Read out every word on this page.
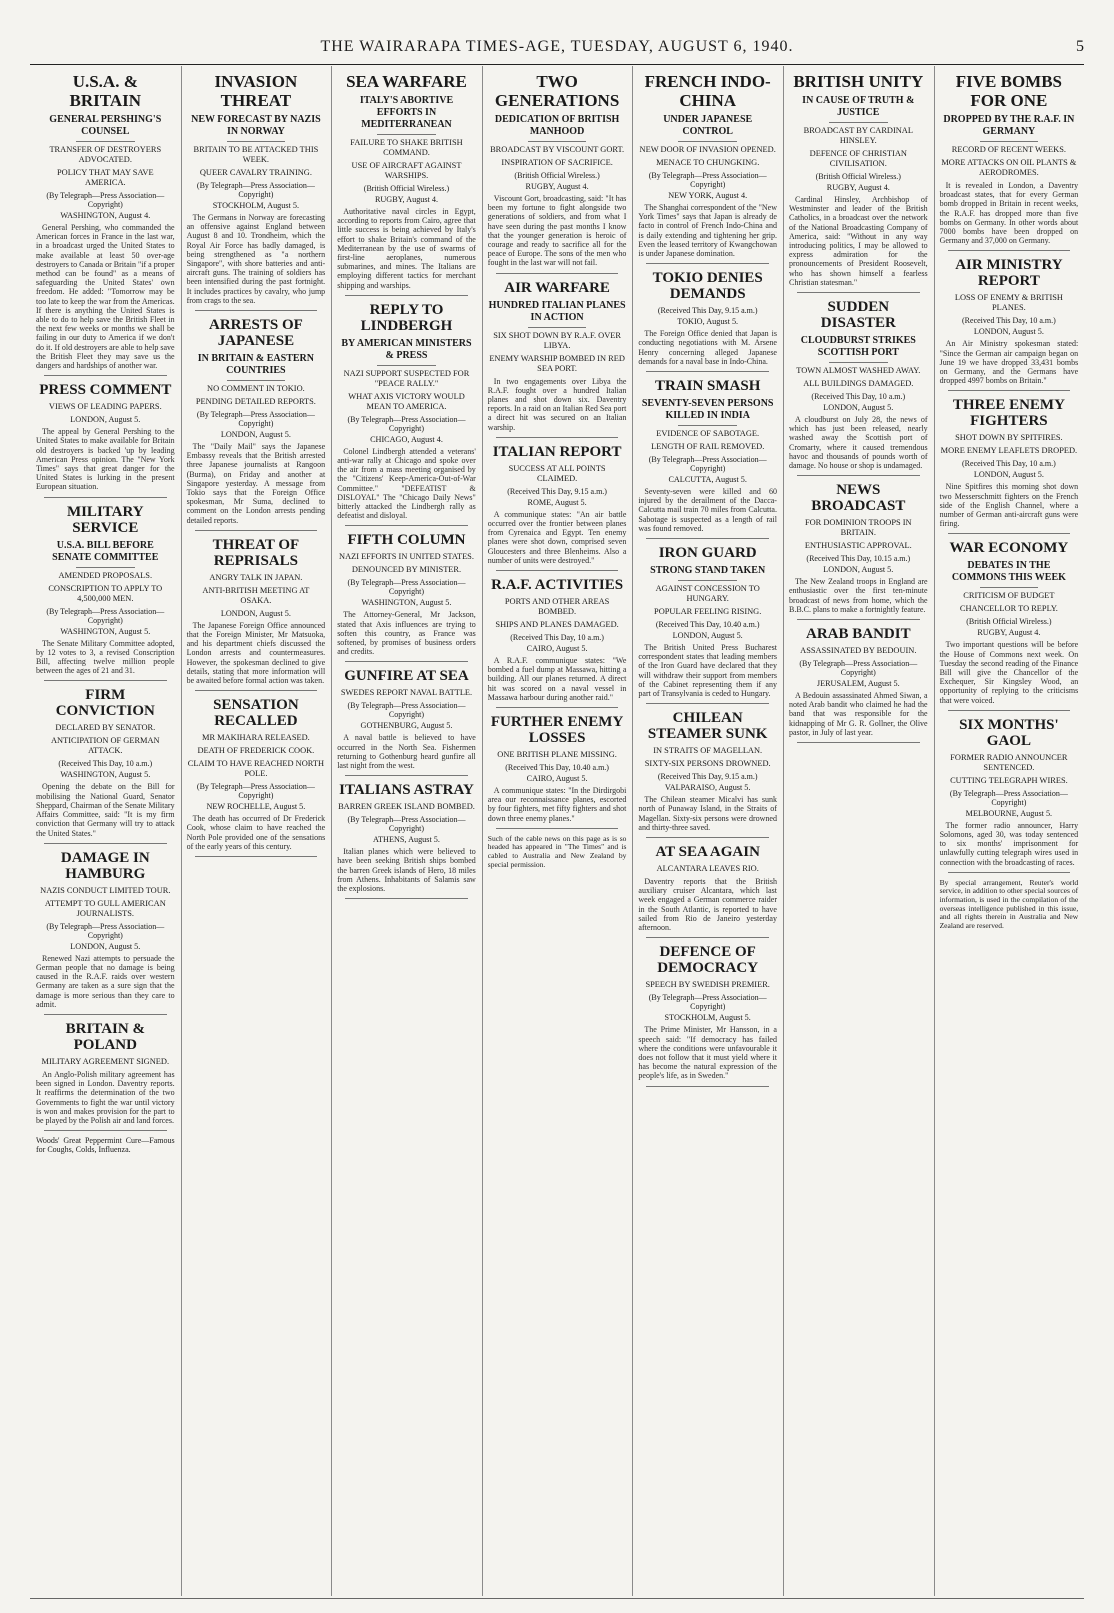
THE WAIRARAPA TIMES-AGE, TUESDAY, AUGUST 6, 1940.	5
U.S.A. & BRITAIN
GENERAL PERSHING'S COUNSEL
TRANSFER OF DESTROYERS ADVOCATED.
POLICY THAT MAY SAVE AMERICA.
(By Telegraph—Press Association—Copyright)
WASHINGTON, August 4.

General Pershing, who commanded the American forces in France in the last war, in a broadcast urged the United States to make available at least 50 over-age destroyers to Canada or Britain "if a proper method can be found" as a means of safeguarding the United States' own freedom. He added: "Tomorrow may be too late to keep the war from the Americas. If there is anything the United States is able to do to help save the British Fleet in the next few weeks or months we shall be failing in our duty to America if we don't do it. If old destroyers are able to help save the British Fleet they may save us the dangers and hardships of another war.

PRESS COMMENT
VIEWS OF LEADING PAPERS.
LONDON, August 5.

The appeal by General Pershing to the United States to make available for Britain old destroyers is backed 'up by leading American Press opinion. The "New York Times" says that great danger for the United States is lurking in the present European situation.

MILITARY SERVICE
U.S.A. BILL BEFORE SENATE COMMITTEE
AMENDED PROPOSALS.
CONSCRIPTION TO APPLY TO 4,500,000 MEN.
(By Telegraph—Press Association—Copyright)
WASHINGTON, August 5.

The Senate Military Committee adopted, by 12 votes to 3, a revised Conscription Bill, affecting twelve million people between the ages of 21 and 31.

FIRM CONVICTION
DECLARED BY SENATOR.
ANTICIPATION OF GERMAN ATTACK.
(Received This Day, 10 a.m.)
WASHINGTON, August 5.

Opening the debate on the Bill for mobilising the National Guard, Senator Sheppard, Chairman of the Senate Military Affairs Committee, said: "It is my firm conviction that Germany will try to attack the United States."

DAMAGE IN HAMBURG
NAZIS CONDUCT LIMITED TOUR.
ATTEMPT TO GULL AMERICAN JOURNALISTS.
(By Telegraph—Press Association—Copyright)
LONDON, August 5.

Renewed Nazi attempts to persuade the German people that no damage is being caused in the R.A.F. raids over western Germany are taken as a sure sign that the damage is more serious than they care to admit.

BRITAIN & POLAND
MILITARY AGREEMENT SIGNED.

An Anglo-Polish military agreement has been signed in London. Daventry reports. It reaffirms the determination of the two Governments to fight the war until victory is won and makes provision for the part to be played by the Polish air and land forces.

Woods' Great Peppermint Cure—Famous for Coughs, Colds, Influenza.
INVASION THREAT
NEW FORECAST BY NAZIS IN NORWAY
BRITAIN TO BE ATTACKED THIS WEEK.
QUEER CAVALRY TRAINING.
(By Telegraph—Press Association—Copyright)
STOCKHOLM, August 5.

The Germans in Norway are forecasting an offensive against England between August 8 and 10. Trondheim, which the Royal Air Force has badly damaged, is being strengthened as "a northern Singapore", with shore batteries and anti-aircraft guns. The training of soldiers has been intensified during the past fortnight. It includes practices by cavalry, who jump from crags to the sea.

ARRESTS OF JAPANESE
IN BRITAIN & EASTERN COUNTRIES
NO COMMENT IN TOKIO.
PENDING DETAILED REPORTS.
(By Telegraph—Press Association—Copyright)
LONDON, August 5.

The "Daily Mail" says the Japanese Embassy reveals that the British arrested three Japanese journalists at Rangoon (Burma), on Friday and another at Singapore yesterday. A message from Tokio says that the Foreign Office spokesman, Mr Suma, declined to comment on the London arrests pending detailed reports.

THREAT OF REPRISALS
ANGRY TALK IN JAPAN.
ANTI-BRITISH MEETING AT OSAKA.
LONDON, August 5.

The Japanese Foreign Office announced that the Foreign Minister, Mr Matsuoka, and his department chiefs discussed the London arrests and countermeasures. However, the spokesman declined to give details, stating that more information will be awaited before formal action was taken.

SENSATION RECALLED
MR MAKIHARA RELEASED.
DEATH OF FREDERICK COOK.
CLAIM TO HAVE REACHED NORTH POLE.
(By Telegraph—Press Association—Copyright)
NEW ROCHELLE, August 5.

The death has occurred of Dr Frederick Cook, whose claim to have reached the North Pole provided one of the sensations of the early years of this century.

SEA WARFARE
ITALY'S ABORTIVE EFFORTS IN MEDITERRANEAN
FAILURE TO SHAKE BRITISH COMMAND.
USE OF AIRCRAFT AGAINST WARSHIPS.
(British Official Wireless.)
RUGBY, August 4.

Authoritative naval circles in Egypt, according to reports from Cairo, agree that little success is being achieved by Italy's effort to shake Britain's command of the Mediterranean by the use of swarms of first-line aeroplanes, numerous submarines, and mines. The Italians are employing different tactics for merchant shipping and warships.

REPLY TO LINDBERGH
BY AMERICAN MINISTERS & PRESS
NAZI SUPPORT SUSPECTED FOR "PEACE RALLY."
WHAT AXIS VICTORY WOULD MEAN TO AMERICA.
(By Telegraph—Press Association—Copyright)
CHICAGO, August 4.

Colonel Lindbergh attended a veterans' anti-war rally at Chicago and spoke over the air from a mass meeting organised by the "Citizens' Keep-America-Out-of-War Committee." "DEFEATIST & DISLOYAL" The "Chicago Daily News" bitterly attacked the Lindbergh rally as defeatist and disloyal.

FIFTH COLUMN
NAZI EFFORTS IN UNITED STATES.
DENOUNCED BY MINISTER.
(By Telegraph—Press Association—Copyright)
WASHINGTON, August 5.

The Attorney-General, Mr Jackson, stated that Axis influences are trying to soften this country, as France was softened, by promises of business orders and credits.

GUNFIRE AT SEA
SWEDES REPORT NAVAL BATTLE.
(By Telegraph—Press Association—Copyright)
GOTHENBURG, August 5.

A naval battle is believed to have occurred in the North Sea. Fishermen returning to Gothenburg heard gunfire all last night from the west.

ITALIANS ASTRAY
BARREN GREEK ISLAND BOMBED.
(By Telegraph—Press Association—Copyright)
ATHENS, August 5.

Italian planes which were believed to have been seeking British ships bombed the barren Greek islands of Hero, 18 miles from Athens. Inhabitants of Salamis saw the explosions.

TWO GENERATIONS
DEDICATION OF BRITISH MANHOOD
BROADCAST BY VISCOUNT GORT.
INSPIRATION OF SACRIFICE.
(British Official Wireless.)
RUGBY, August 4.

Viscount Gort, broadcasting, said: "It has been my fortune to fight alongside two generations of soldiers, and from what I have seen during the past months I know that the younger generation is heroic of courage and ready to sacrifice all for the peace of Europe. The sons of the men who fought in the last war will not fail.

AIR WARFARE
HUNDRED ITALIAN PLANES IN ACTION
SIX SHOT DOWN BY R.A.F. OVER LIBYA.
ENEMY WARSHIP BOMBED IN RED SEA PORT.

In two engagements over Libya the R.A.F. fought over a hundred Italian planes and shot down six. Daventry reports. In a raid on an Italian Red Sea port a direct hit was secured on an Italian warship.

ITALIAN REPORT
SUCCESS AT ALL POINTS CLAIMED.
(Received This Day, 9.15 a.m.)
ROME, August 5.

A communique states: "An air battle occurred over the frontier between planes from Cyrenaica and Egypt. Ten enemy planes were shot down, comprised seven Gloucesters and three Blenheims. Also a number of units were destroyed."

R.A.F. ACTIVITIES
PORTS AND OTHER AREAS BOMBED.
SHIPS AND PLANES DAMAGED.
(Received This Day, 10 a.m.)
CAIRO, August 5.

A R.A.F. communique states: "We bombed a fuel dump at Massawa, hitting a building. All our planes returned. A direct hit was scored on a naval vessel in Massawa harbour during another raid."

FURTHER ENEMY LOSSES
ONE BRITISH PLANE MISSING.
(Received This Day, 10.40 a.m.)
CAIRO, August 5.

A communique states: "In the Dirdirgobi area our reconnaissance planes, escorted by four fighters, met fifty fighters and shot down three enemy planes."

Such of the cable news on this page as is so headed has appeared in "The Times" and is cabled to Australia and New Zealand by special permission.
FRENCH INDO-CHINA
UNDER JAPANESE CONTROL
NEW DOOR OF INVASION OPENED.
MENACE TO CHUNGKING.
(By Telegraph—Press Association—Copyright)
NEW YORK, August 4.

The Shanghai correspondent of the "New York Times" says that Japan is already de facto in control of French Indo-China and is daily extending and tightening her grip. Even the leased territory of Kwangchowan is under Japanese domination.

TOKIO DENIES DEMANDS
(Received This Day, 9.15 a.m.)
TOKIO, August 5.

The Foreign Office denied that Japan is conducting negotiations with M. Arsene Henry concerning alleged Japanese demands for a naval base in Indo-China.

TRAIN SMASH
SEVENTY-SEVEN PERSONS KILLED IN INDIA
EVIDENCE OF SABOTAGE.
LENGTH OF RAIL REMOVED.
(By Telegraph—Press Association—Copyright)
CALCUTTA, August 5.

Seventy-seven were killed and 60 injured by the derailment of the Dacca-Calcutta mail train 70 miles from Calcutta. Sabotage is suspected as a length of rail was found removed.

IRON GUARD
STRONG STAND TAKEN
AGAINST CONCESSION TO HUNGARY.
POPULAR FEELING RISING.
(Received This Day, 10.40 a.m.)
LONDON, August 5.

The British United Press Bucharest correspondent states that leading members of the Iron Guard have declared that they will withdraw their support from members of the Cabinet representing them if any part of Transylvania is ceded to Hungary.

CHILEAN STEAMER SUNK
IN STRAITS OF MAGELLAN.
SIXTY-SIX PERSONS DROWNED.
(Received This Day, 9.15 a.m.)
VALPARAISO, August 5.

The Chilean steamer Micalvi has sunk north of Punaway Island, in the Straits of Magellan. Sixty-six persons were drowned and thirty-three saved.

AT SEA AGAIN
ALCANTARA LEAVES RIO.

Daventry reports that the British auxiliary cruiser Alcantara, which last week engaged a German commerce raider in the South Atlantic, is reported to have sailed from Rio de Janeiro yesterday afternoon.

DEFENCE OF DEMOCRACY
SPEECH BY SWEDISH PREMIER.
(By Telegraph—Press Association—Copyright)
STOCKHOLM, August 5.

The Prime Minister, Mr Hansson, in a speech said: "If democracy has failed where the conditions were unfavourable it does not follow that it must yield where it has become the natural expression of the people's life, as in Sweden."

BRITISH UNITY
IN CAUSE OF TRUTH & JUSTICE
BROADCAST BY CARDINAL HINSLEY.
DEFENCE OF CHRISTIAN CIVILISATION.
(British Official Wireless.)
RUGBY, August 4.

Cardinal Hinsley, Archbishop of Westminster and leader of the British Catholics, in a broadcast over the network of the National Broadcasting Company of America, said: "Without in any way introducing politics, I may be allowed to express admiration for the pronouncements of President Roosevelt, who has shown himself a fearless Christian statesman."

SUDDEN DISASTER
CLOUDBURST STRIKES SCOTTISH PORT
TOWN ALMOST WASHED AWAY.
ALL BUILDINGS DAMAGED.
(Received This Day, 10 a.m.)
LONDON, August 5.

A cloudburst on July 28, the news of which has just been released, nearly washed away the Scottish port of Cromarty, where it caused tremendous havoc and thousands of pounds worth of damage. No house or shop is undamaged.

NEWS BROADCAST
FOR DOMINION TROOPS IN BRITAIN.
ENTHUSIASTIC APPROVAL.
(Received This Day, 10.15 a.m.)
LONDON, August 5.

The New Zealand troops in England are enthusiastic over the first ten-minute broadcast of news from home, which the B.B.C. plans to make a fortnightly feature.

ARAB BANDIT
ASSASSINATED BY BEDOUIN.
(By Telegraph—Press Association—Copyright)
JERUSALEM, August 5.

A Bedouin assassinated Ahmed Siwan, a noted Arab bandit who claimed he had the band that was responsible for the kidnapping of Mr G. R. Gollner, the Olive pastor, in July of last year.

FIVE BOMBS FOR ONE
DROPPED BY THE R.A.F. IN GERMANY
RECORD OF RECENT WEEKS.
MORE ATTACKS ON OIL PLANTS & AERODROMES.

It is revealed in London, a Daventry broadcast states, that for every German bomb dropped in Britain in recent weeks, the R.A.F. has dropped more than five bombs on Germany. In other words about 7000 bombs have been dropped on Germany and 37,000 on Germany.

AIR MINISTRY REPORT
LOSS OF ENEMY & BRITISH PLANES.
(Received This Day, 10 a.m.)
LONDON, August 5.

An Air Ministry spokesman stated: "Since the German air campaign began on June 19 we have dropped 33,431 bombs on Germany, and the Germans have dropped 4997 bombs on Britain."

THREE ENEMY FIGHTERS
SHOT DOWN BY SPITFIRES.
MORE ENEMY LEAFLETS DROPED.
(Received This Day, 10 a.m.)
LONDON, August 5.

Nine Spitfires this morning shot down two Messerschmitt fighters on the French side of the English Channel, where a number of German anti-aircraft guns were firing.

WAR ECONOMY
DEBATES IN THE COMMONS THIS WEEK
CRITICISM OF BUDGET
CHANCELLOR TO REPLY.
(British Official Wireless.)
RUGBY, August 4.

Two important questions will be before the House of Commons next week. On Tuesday the second reading of the Finance Bill will give the Chancellor of the Exchequer, Sir Kingsley Wood, an opportunity of replying to the criticisms that were voiced.

SIX MONTHS' GAOL
FORMER RADIO ANNOUNCER SENTENCED.
CUTTING TELEGRAPH WIRES.
(By Telegraph—Press Association—Copyright)
MELBOURNE, August 5.

The former radio announcer, Harry Solomons, aged 30, was today sentenced to six months' imprisonment for unlawfully cutting telegraph wires used in connection with the broadcasting of races.

By special arrangement, Reuter's world service, in addition to other special sources of information, is used in the compilation of the overseas intelligence published in this issue, and all rights therein in Australia and New Zealand are reserved.
